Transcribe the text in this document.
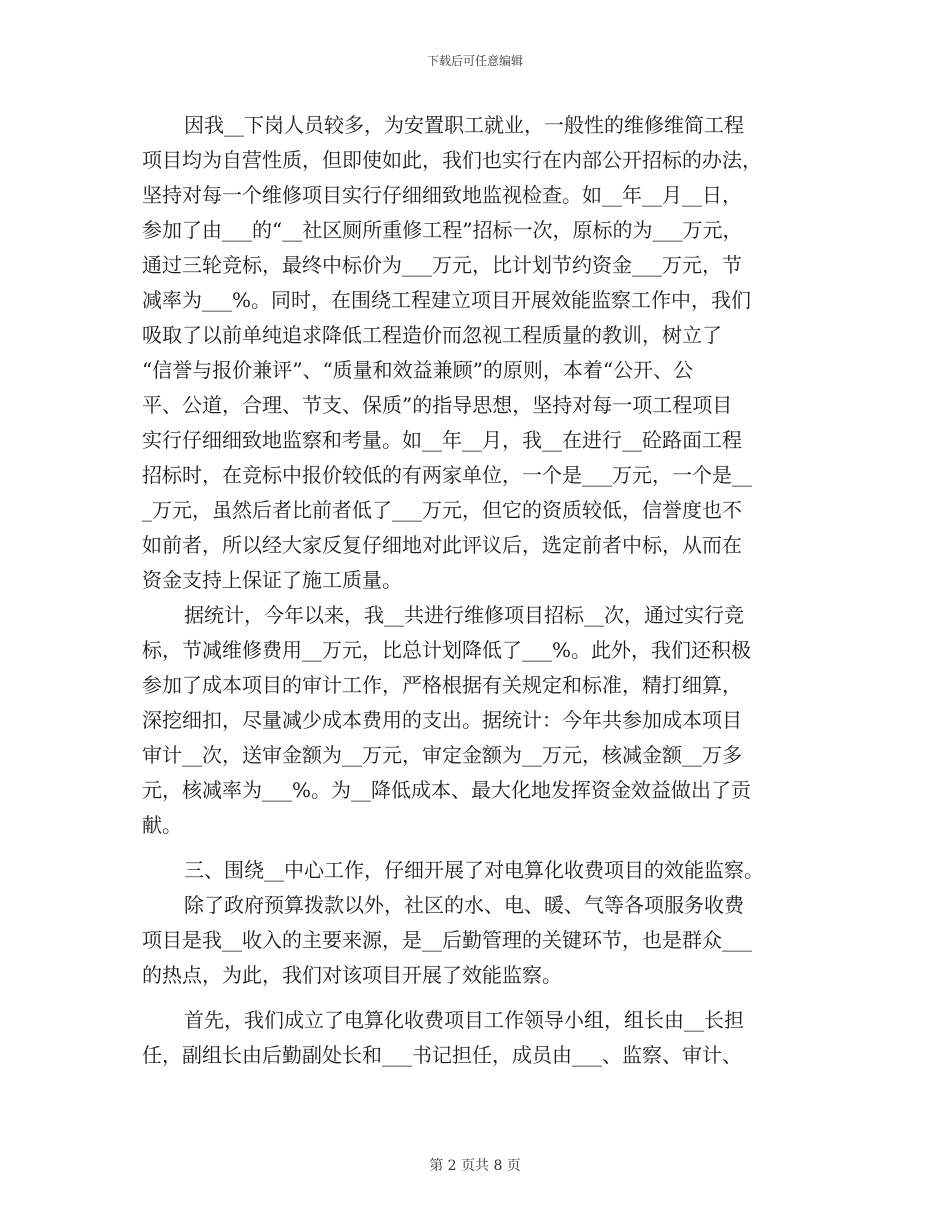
下载后可任意编辑
因我__下岗人员较多，为安置职工就业，一般性的维修维简工程
项目均为自营性质，但即使如此，我们也实行在内部公开招标的办法，
坚持对每一个维修项目实行仔细细致地监视检查。如__年__月__日，
参加了由___的“__社区厕所重修工程”招标一次，原标的为___万元，
通过三轮竞标，最终中标价为___万元，比计划节约资金___万元，节
减率为___%。同时，在围绕工程建立项目开展效能监察工作中，我们
吸取了以前单纯追求降低工程造价而忽视工程质量的教训，树立了
“信誉与报价兼评”、“质量和效益兼顾”的原则，本着“公开、公
平、公道，合理、节支、保质”的指导思想，坚持对每一项工程项目
实行仔细细致地监察和考量。如__年__月，我__在进行__砼路面工程
招标时，在竞标中报价较低的有两家单位，一个是___万元，一个是__
_万元，虽然后者比前者低了___万元，但它的资质较低，信誉度也不
如前者，所以经大家反复仔细地对此评议后，选定前者中标，从而在
资金支持上保证了施工质量。
据统计，今年以来，我__共进行维修项目招标__次，通过实行竞
标，节减维修费用__万元，比总计划降低了___%。此外，我们还积极
参加了成本项目的审计工作，严格根据有关规定和标准，精打细算，
深挖细扣，尽量减少成本费用的支出。据统计：今年共参加成本项目
审计__次，送审金额为__万元，审定金额为__万元，核减金额__万多
元，核减率为___%。为__降低成本、最大化地发挥资金效益做出了贡
献。
三、围绕__中心工作，仔细开展了对电算化收费项目的效能监察。
除了政府预算拨款以外，社区的水、电、暖、气等各项服务收费
项目是我__收入的主要来源，是__后勤管理的关键环节，也是群众___
的热点，为此，我们对该项目开展了效能监察。
首先，我们成立了电算化收费项目工作领导小组，组长由__长担
任，副组长由后勤副处长和___书记担任，成员由___、监察、审计、
第 2 页共 8 页
